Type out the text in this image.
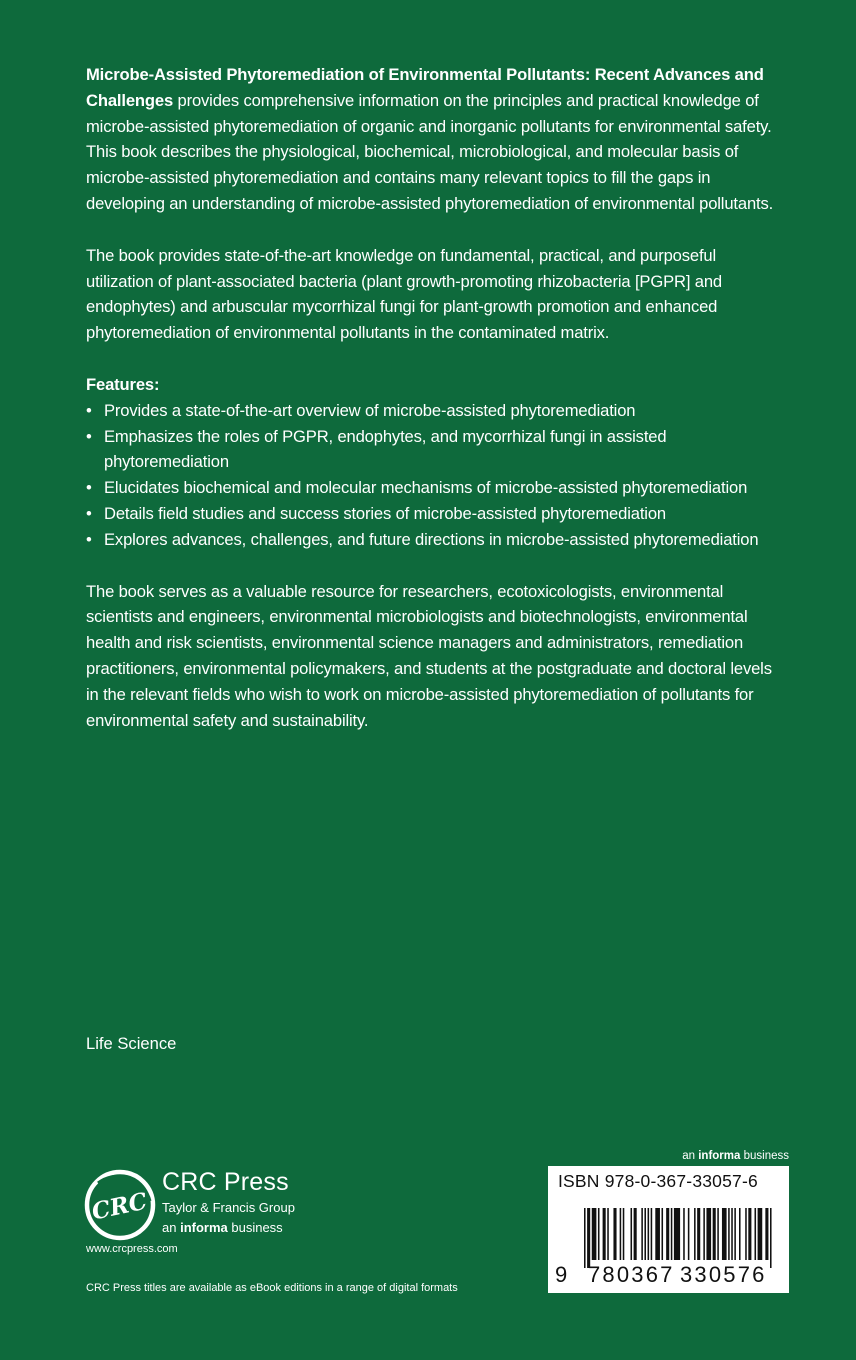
Microbe-Assisted Phytoremediation of Environmental Pollutants: Recent Advances and Challenges provides comprehensive information on the principles and practical knowledge of microbe-assisted phytoremediation of organic and inorganic pollutants for environmental safety. This book describes the physiological, biochemical, microbiological, and molecular basis of microbe-assisted phytoremediation and contains many relevant topics to fill the gaps in developing an understanding of microbe-assisted phytoremediation of environmental pollutants.

The book provides state-of-the-art knowledge on fundamental, practical, and purposeful utilization of plant-associated bacteria (plant growth-promoting rhizobacteria [PGPR] and endophytes) and arbuscular mycorrhizal fungi for plant-growth promotion and enhanced phytoremediation of environmental pollutants in the contaminated matrix.

Features:

• Provides a state-of-the-art overview of microbe-assisted phytoremediation
• Emphasizes the roles of PGPR, endophytes, and mycorrhizal fungi in assisted phytoremediation
• Elucidates biochemical and molecular mechanisms of microbe-assisted phytoremediation
• Details field studies and success stories of microbe-assisted phytoremediation
• Explores advances, challenges, and future directions in microbe-assisted phytoremediation

The book serves as a valuable resource for researchers, ecotoxicologists, environmental scientists and engineers, environmental microbiologists and biotechnologists, environmental health and risk scientists, environmental science managers and administrators, remediation practitioners, environmental policymakers, and students at the postgraduate and doctoral levels in the relevant fields who wish to work on microbe-assisted phytoremediation of pollutants for environmental safety and sustainability.

Life Science
CRC
CRC Press
Taylor & Francis Group
an informa business
www.crcpress.com
CRC Press titles are available as eBook editions in a range of digital formats
an informa business
ISBN 978-0-367-33057-6
9 780367 330576
